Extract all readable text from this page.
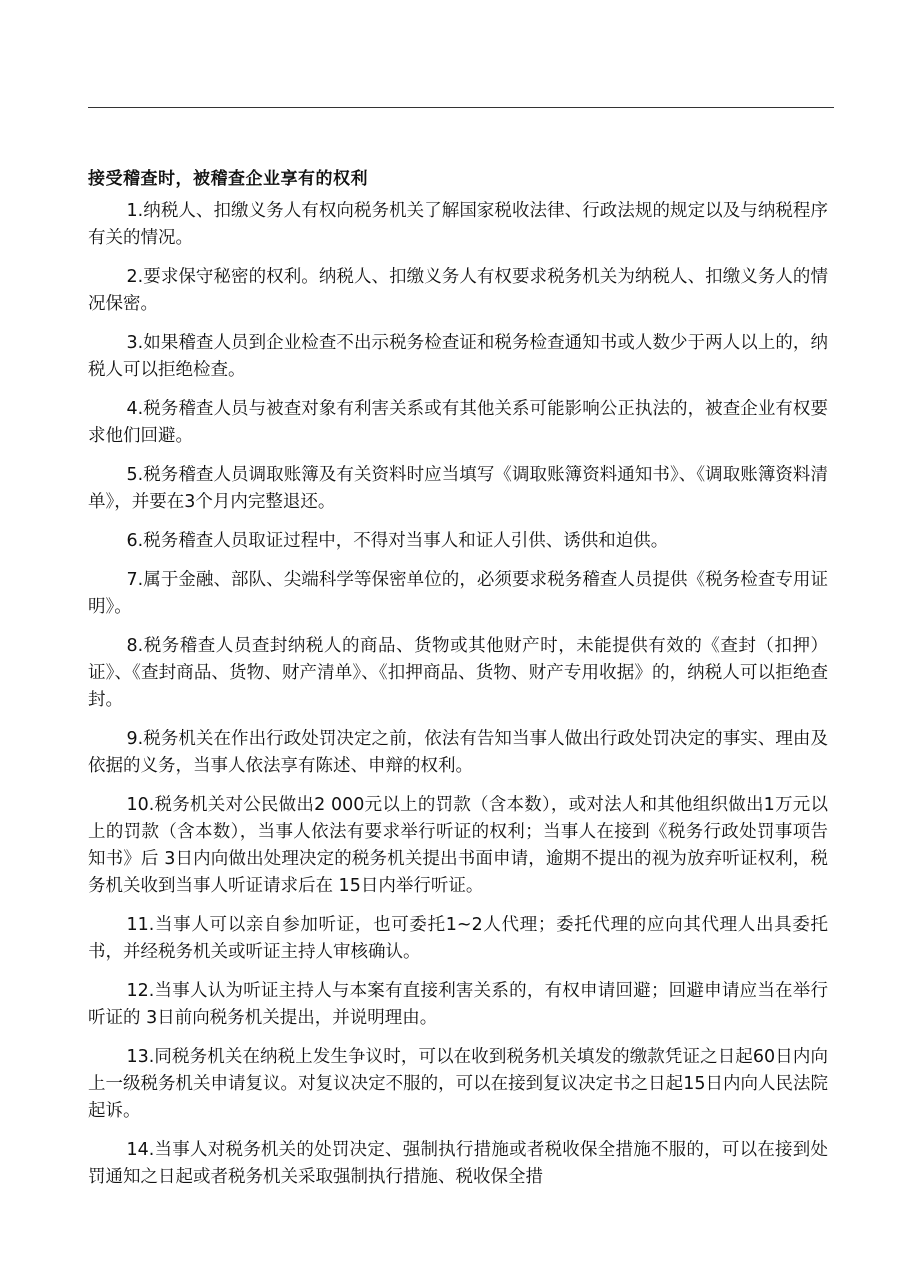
接受稽查时，被稽查企业享有的权利

1.纳税人、扣缴义务人有权向税务机关了解国家税收法律、行政法规的规定以及与纳税程序有关的情况。

2.要求保守秘密的权利。纳税人、扣缴义务人有权要求税务机关为纳税人、扣缴义务人的情况保密。

3.如果稽查人员到企业检查不出示税务检查证和税务检查通知书或人数少于两人以上的，纳税人可以拒绝检查。

4.税务稽查人员与被查对象有利害关系或有其他关系可能影响公正执法的，被查企业有权要求他们回避。

5.税务稽查人员调取账簿及有关资料时应当填写《调取账簿资料通知书》、《调取账簿资料清单》，并要在3个月内完整退还。

6.税务稽查人员取证过程中，不得对当事人和证人引供、诱供和迫供。

7.属于金融、部队、尖端科学等保密单位的，必须要求税务稽查人员提供《税务检查专用证明》。

8.税务稽查人员查封纳税人的商品、货物或其他财产时，未能提供有效的《查封（扣押）证》、《查封商品、货物、财产清单》、《扣押商品、货物、财产专用收据》的，纳税人可以拒绝查封。

9.税务机关在作出行政处罚决定之前，依法有告知当事人做出行政处罚决定的事实、理由及依据的义务，当事人依法享有陈述、申辩的权利。

10.税务机关对公民做出2 000元以上的罚款（含本数），或对法人和其他组织做出1万元以上的罚款（含本数），当事人依法有要求举行听证的权利；当事人在接到《税务行政处罚事项告知书》后 3日内向做出处理决定的税务机关提出书面申请，逾期不提出的视为放弃听证权利，税务机关收到当事人听证请求后在 15日内举行听证。

11.当事人可以亲自参加听证，也可委托1~2人代理；委托代理的应向其代理人出具委托书，并经税务机关或听证主持人审核确认。

12.当事人认为听证主持人与本案有直接利害关系的，有权申请回避；回避申请应当在举行听证的 3日前向税务机关提出，并说明理由。

13.同税务机关在纳税上发生争议时，可以在收到税务机关填发的缴款凭证之日起60日内向上一级税务机关申请复议。对复议决定不服的，可以在接到复议决定书之日起15日内向人民法院起诉。

14.当事人对税务机关的处罚决定、强制执行措施或者税收保全措施不服的，可以在接到处罚通知之日起或者税务机关采取强制执行措施、税收保全措
